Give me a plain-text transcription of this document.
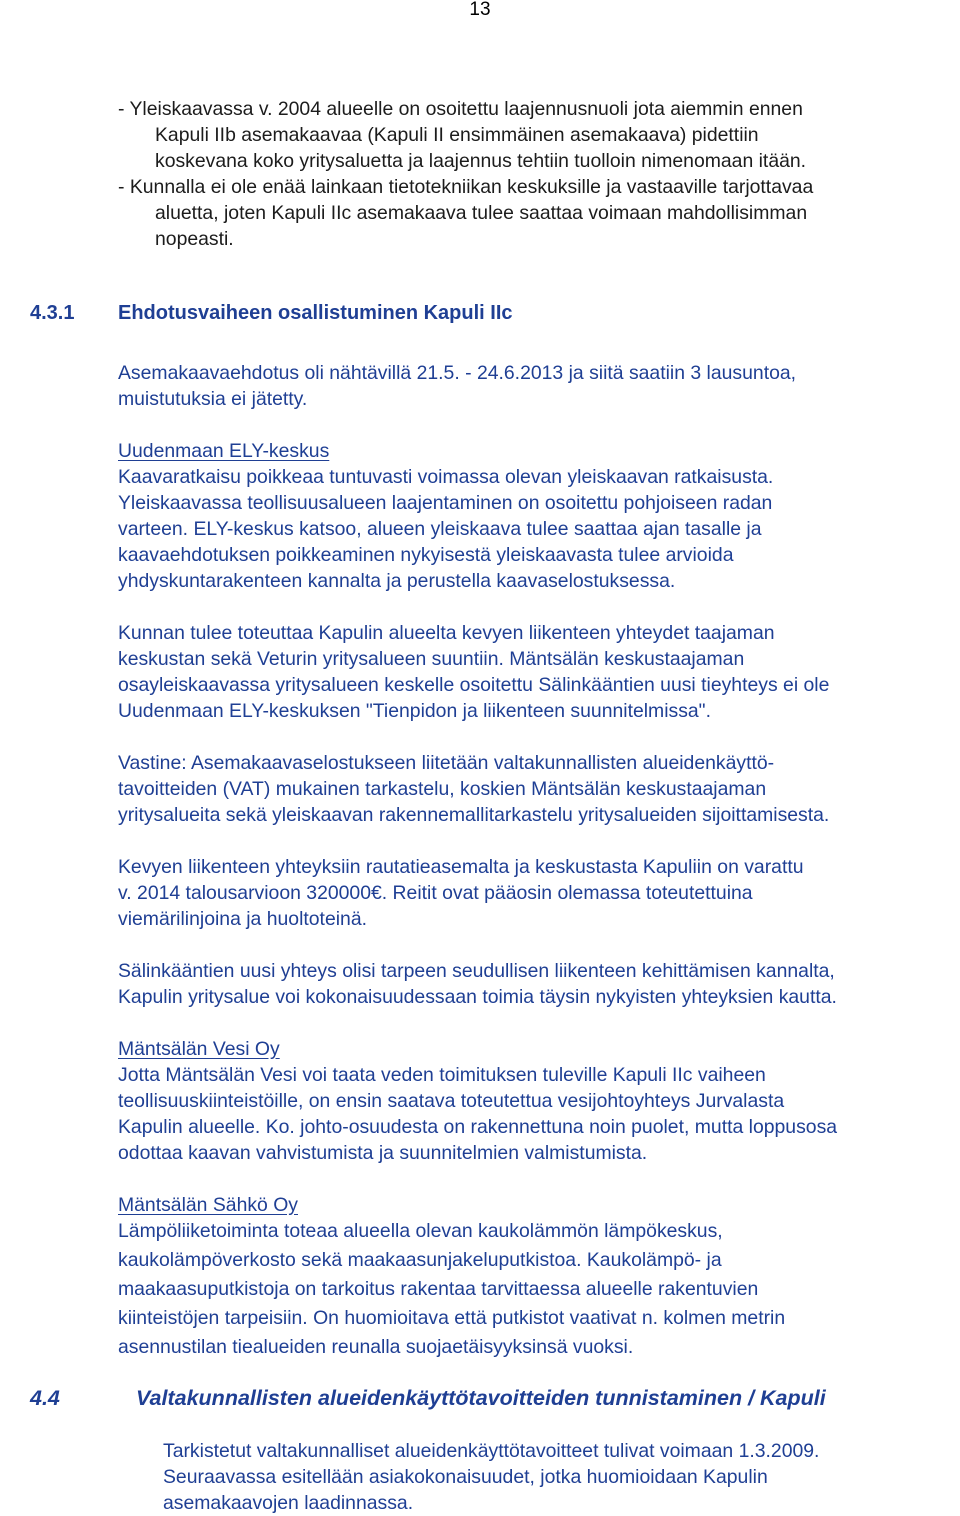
13
- Yleiskaavassa v. 2004 alueelle on osoitettu laajennusnuoli jota aiemmin ennen
Kapuli IIb asemakaavaa (Kapuli II ensimmäinen asemakaava) pidettiin
koskevana koko yritysaluetta ja laajennus tehtiin tuolloin nimenomaan itään.
- Kunnalla ei ole enää lainkaan tietotekniikan keskuksille ja vastaaville tarjottavaa
aluetta, joten Kapuli IIc asemakaava tulee saattaa voimaan mahdollisimman
nopeasti.
4.3.1 Ehdotusvaiheen osallistuminen Kapuli IIc
Asemakaavaehdotus oli nähtävillä 21.5. - 24.6.2013 ja siitä saatiin 3 lausuntoa,
muistutuksia ei jätetty.
Uudenmaan ELY-keskus
Kaavaratkaisu poikkeaa tuntuvasti voimassa olevan yleiskaavan ratkaisusta.
Yleiskaavassa teollisuusalueen laajentaminen on osoitettu pohjoiseen radan
varteen. ELY-keskus katsoo, alueen yleiskaava tulee saattaa ajan tasalle ja
kaavaehdotuksen poikkeaminen nykyisestä yleiskaavasta tulee arvioida
yhdyskuntarakenteen kannalta ja perustella kaavaselostuksessa.
Kunnan tulee toteuttaa Kapulin alueelta kevyen liikenteen yhteydet taajaman
keskustan sekä Veturin yritysalueen suuntiin. Mäntsälän keskustaajaman
osayleiskaavassa yritysalueen keskelle osoitettu Sälinkääntien uusi tieyhteys ei ole
Uudenmaan ELY-keskuksen "Tienpidon ja liikenteen suunnitelmissa".
Vastine: Asemakaavaselostukseen liitetään valtakunnallisten alueidenkäyttö-
tavoitteiden (VAT) mukainen tarkastelu, koskien Mäntsälän keskustaajaman
yritysalueita sekä yleiskaavan rakennemallitarkastelu yritysalueiden sijoittamisesta.
Kevyen liikenteen yhteyksiin rautatieasemalta ja keskustasta Kapuliin on varattu
v. 2014 talousarvioon 320000€. Reitit ovat pääosin olemassa toteutettuina
viemärilinjoina ja huoltoteinä.
Sälinkääntien uusi yhteys olisi tarpeen seudullisen liikenteen kehittämisen kannalta,
Kapulin yritysalue voi kokonaisuudessaan toimia täysin nykyisten yhteyksien kautta.
Mäntsälän Vesi Oy
Jotta Mäntsälän Vesi voi taata veden toimituksen tuleville Kapuli IIc vaiheen
teollisuuskiinteistöille, on ensin saatava toteutettua vesijohtoyhteys Jurvalasta
Kapulin alueelle. Ko. johto-osuudesta on rakennettuna noin puolet, mutta loppusosa
odottaa kaavan vahvistumista ja suunnitelmien valmistumista.
Mäntsälän Sähkö Oy
Lämpöliiketoiminta toteaa alueella olevan kaukolämmön lämpökeskus,
kaukolämpöverkosto sekä maakaasunjakeluputkistoa. Kaukolämpö- ja
maakaasuputkistoja on tarkoitus rakentaa tarvittaessa alueelle rakentuvien
kiinteistöjen tarpeisiin. On huomioitava että putkistot vaativat n. kolmen metrin
asennustilan tiealueiden reunalla suojaetäisyyksinsä vuoksi.
4.4	Valtakunnallisten alueidenkäyttötavoitteiden tunnistaminen / Kapuli
Tarkistetut valtakunnalliset alueidenkäyttötavoitteet tulivat voimaan 1.3.2009.
Seuraavassa esitellään asiakokonaisuudet, jotka huomioidaan Kapulin
asemakaavojen laadinnassa.
